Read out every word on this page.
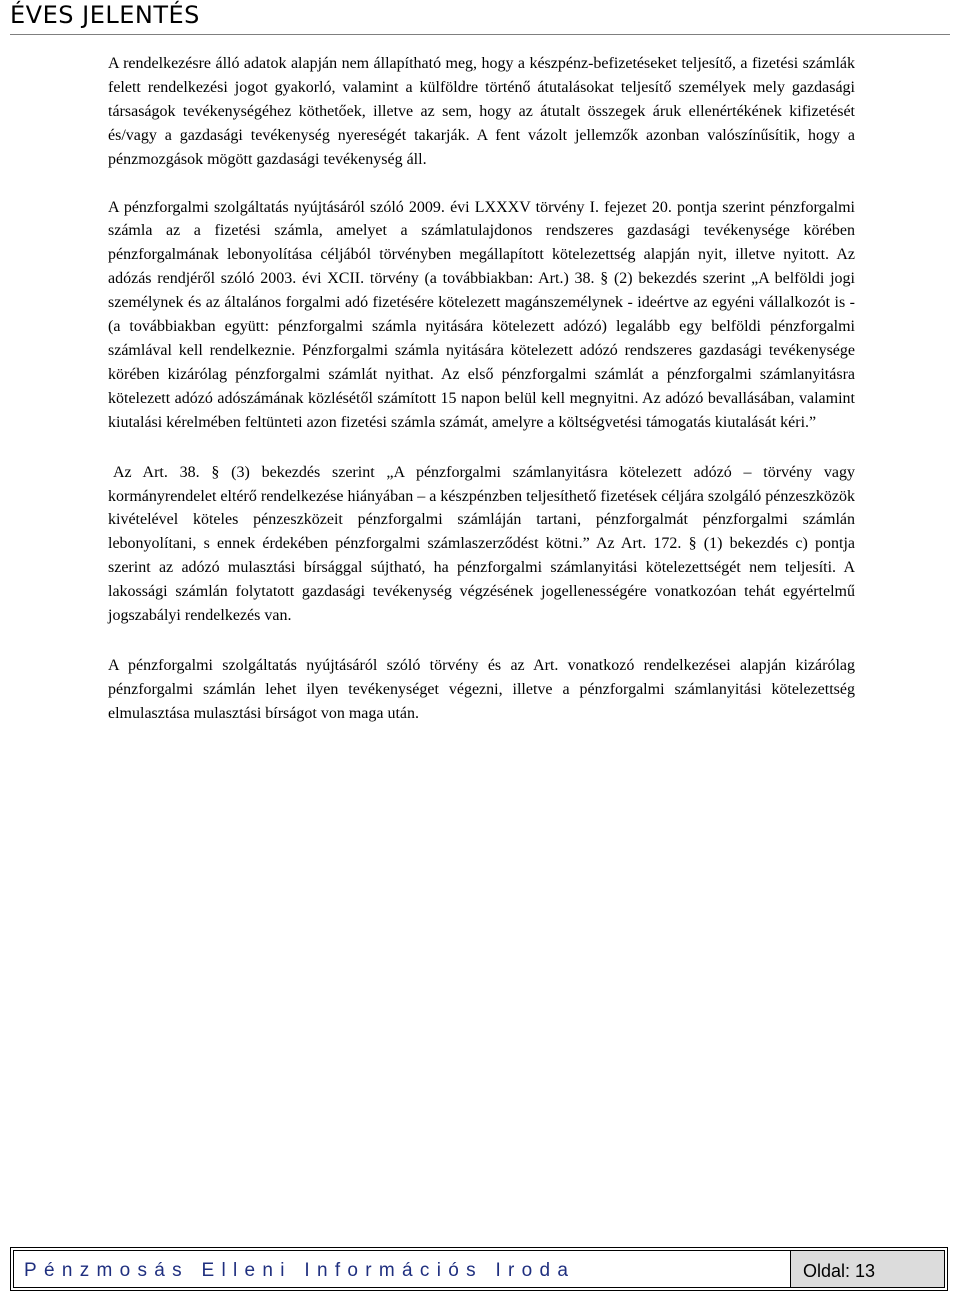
ÉVES JELENTÉS

A rendelkezésre álló adatok alapján nem állapítható meg, hogy a készpénz-befizetéseket teljesítő, a fizetési számlák felett rendelkezési jogot gyakorló, valamint a külföldre történő átutalásokat teljesítő személyek mely gazdasági társaságok tevékenységéhez köthetőek, illetve az sem, hogy az átutalt összegek áruk ellenértékének kifizetését és/vagy a gazdasági tevékenység nyereségét takarják. A fent vázolt jellemzők azonban valószínűsítik, hogy a pénzmozgások mögött gazdasági tevékenység áll.

A pénzforgalmi szolgáltatás nyújtásáról szóló 2009. évi LXXXV törvény I. fejezet 20. pontja szerint pénzforgalmi számla az a fizetési számla, amelyet a számlatulajdonos rendszeres gazdasági tevékenysége körében pénzforgalmának lebonyolítása céljából törvényben megállapított kötelezettség alapján nyit, illetve nyitott. Az adózás rendjéről szóló 2003. évi XCII. törvény (a továbbiakban: Art.) 38. § (2) bekezdés szerint „A belföldi jogi személynek és az általános forgalmi adó fizetésére kötelezett magánszemélynek - ideértve az egyéni vállalkozót is - (a továbbiakban együtt: pénzforgalmi számla nyitására kötelezett adózó) legalább egy belföldi pénzforgalmi számlával kell rendelkeznie. Pénzforgalmi számla nyitására kötelezett adózó rendszeres gazdasági tevékenysége körében kizárólag pénzforgalmi számlát nyithat. Az első pénzforgalmi számlát a pénzforgalmi számlanyitásra kötelezett adózó adószámának közlésétől számított 15 napon belül kell megnyitni. Az adózó bevallásában, valamint kiutalási kérelmében feltünteti azon fizetési számla számát, amelyre a költségvetési támogatás kiutalását kéri.”

Az Art. 38. § (3) bekezdés szerint „A pénzforgalmi számlanyitásra kötelezett adózó – törvény vagy kormányrendelet eltérő rendelkezése hiányában – a készpénzben teljesíthető fizetések céljára szolgáló pénzeszközök kivételével köteles pénzeszközeit pénzforgalmi számláján tartani, pénzforgalmát pénzforgalmi számlán lebonyolítani, s ennek érdekében pénzforgalmi számlaszerződést kötni.” Az Art. 172. § (1) bekezdés c) pontja szerint az adózó mulasztási bírsággal sújtható, ha pénzforgalmi számlanyitási kötelezettségét nem teljesíti. A lakossági számlán folytatott gazdasági tevékenység végzésének jogellenességére vonatkozóan tehát egyértelmű jogszabályi rendelkezés van.

A pénzforgalmi szolgáltatás nyújtásáról szóló törvény és az Art. vonatkozó rendelkezései alapján kizárólag pénzforgalmi számlán lehet ilyen tevékenységet végezni, illetve a pénzforgalmi számlanyitási kötelezettség elmulasztása mulasztási bírságot von maga után.

Pénzmosás Elleni Információs Iroda	Oldal: 13
